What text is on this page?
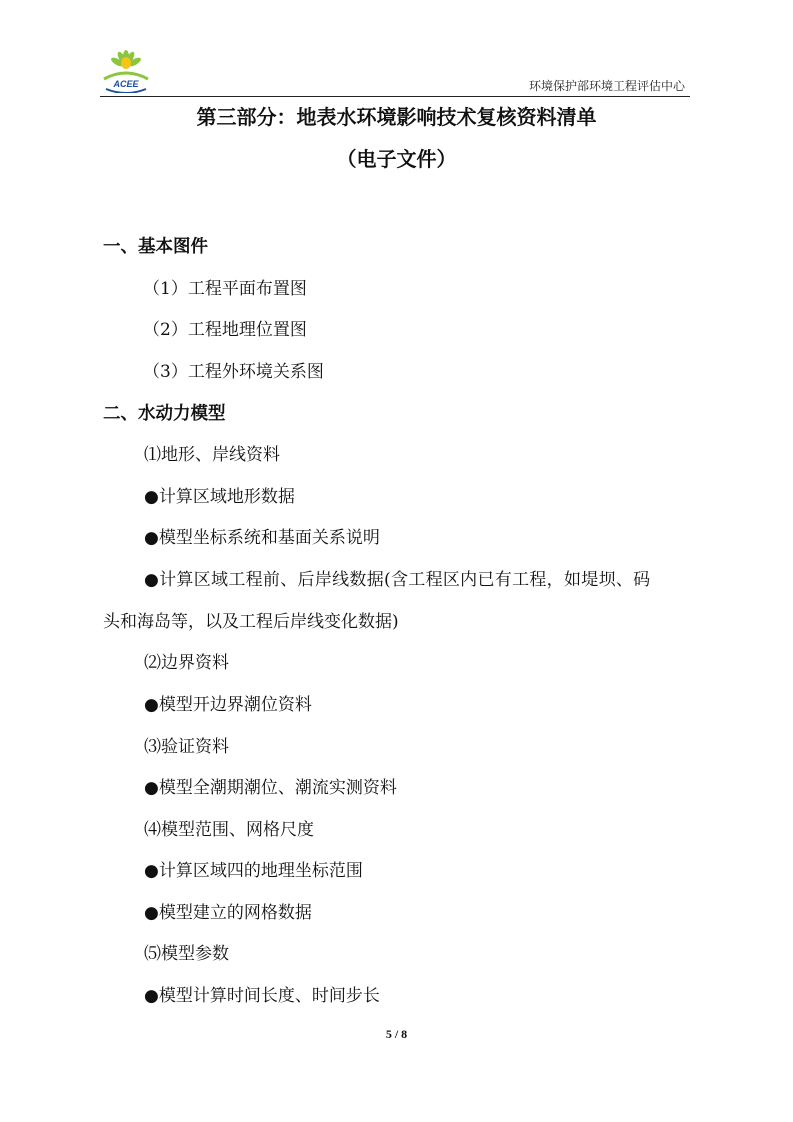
ACEE	环境保护部环境工程评估中心
第三部分：地表水环境影响技术复核资料清单
（电子文件）
一、基本图件
（1）工程平面布置图
（2）工程地理位置图
（3）工程外环境关系图
二、水动力模型
⑴地形、岸线资料
●计算区域地形数据
●模型坐标系统和基面关系说明
●计算区域工程前、后岸线数据(含工程区内已有工程，如堤坝、码
头和海岛等，以及工程后岸线变化数据)
⑵边界资料
●模型开边界潮位资料
⑶验证资料
●模型全潮期潮位、潮流实测资料
⑷模型范围、网格尺度
●计算区域四的地理坐标范围
●模型建立的网格数据
⑸模型参数
●模型计算时间长度、时间步长
5 / 8
